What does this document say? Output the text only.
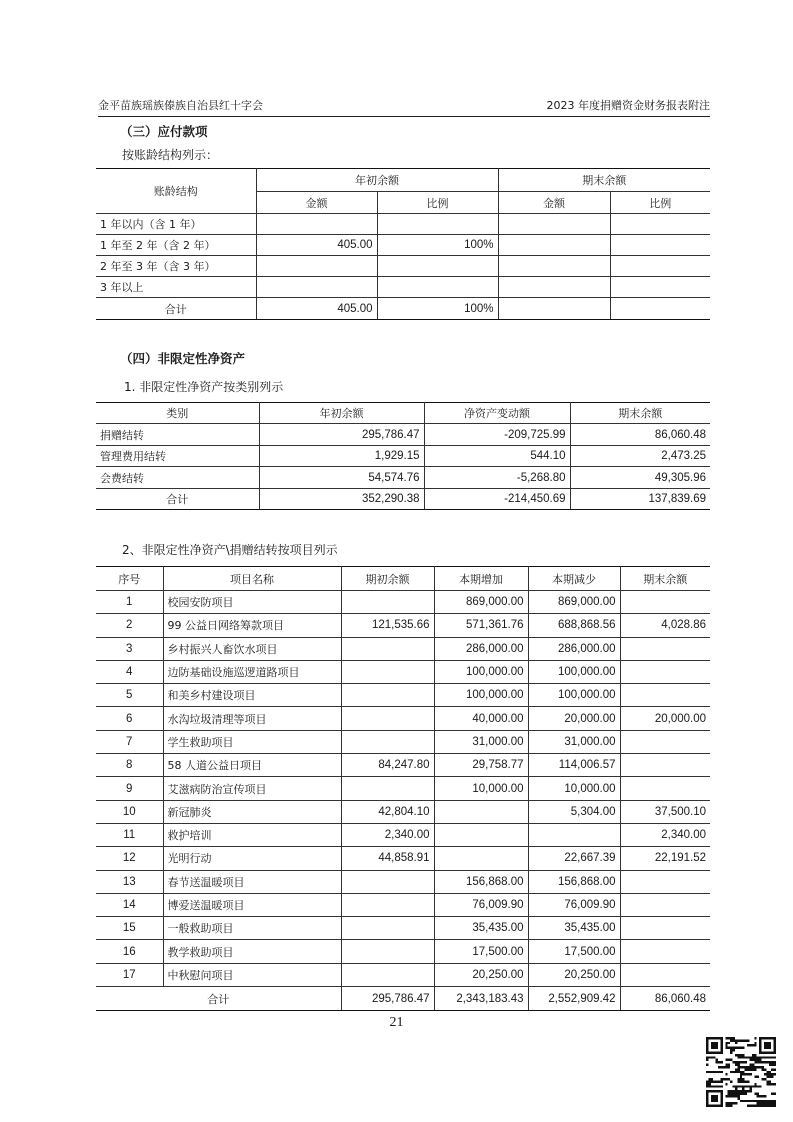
金平苗族瑶族傣族自治县红十字会	2023 年度捐赠资金财务报表附注
（三）应付款项
按账龄结构列示：
账龄结构	年初余额		期末余额	
	金额	比例	金额	比例
1 年以内（含 1 年）				
1 年至 2 年（含 2 年）	405.00	100%		
2 年至 3 年（含 3 年）				
3 年以上				
合计	405.00	100%		
（四）非限定性净资产
1. 非限定性净资产按类别列示
类别	年初余额	净资产变动额	期末余额
捐赠结转	295,786.47	-209,725.99	86,060.48
管理费用结转	1,929.15	544.10	2,473.25
会费结转	54,574.76	-5,268.80	49,305.96
合计	352,290.38	-214,450.69	137,839.69
2、非限定性净资产\捐赠结转按项目列示
序号	项目名称	期初余额	本期增加	本期减少	期末余额
1	校园安防项目		869,000.00	869,000.00	
2	99 公益日网络筹款项目	121,535.66	571,361.76	688,868.56	4,028.86
3	乡村振兴人畜饮水项目		286,000.00	286,000.00	
4	边防基础设施巡逻道路项目		100,000.00	100,000.00	
5	和美乡村建设项目		100,000.00	100,000.00	
6	水沟垃圾清理等项目		40,000.00	20,000.00	20,000.00
7	学生救助项目		31,000.00	31,000.00	
8	58 人道公益日项目	84,247.80	29,758.77	114,006.57	
9	艾滋病防治宣传项目		10,000.00	10,000.00	
10	新冠肺炎	42,804.10		5,304.00	37,500.10
11	救护培训	2,340.00			2,340.00
12	光明行动	44,858.91		22,667.39	22,191.52
13	春节送温暖项目		156,868.00	156,868.00	
14	博爱送温暖项目		76,009.90	76,009.90	
15	一般救助项目		35,435.00	35,435.00	
16	教学救助项目		17,500.00	17,500.00	
17	中秋慰问项目		20,250.00	20,250.00	
合计		295,786.47	2,343,183.43	2,552,909.42	86,060.48
21
